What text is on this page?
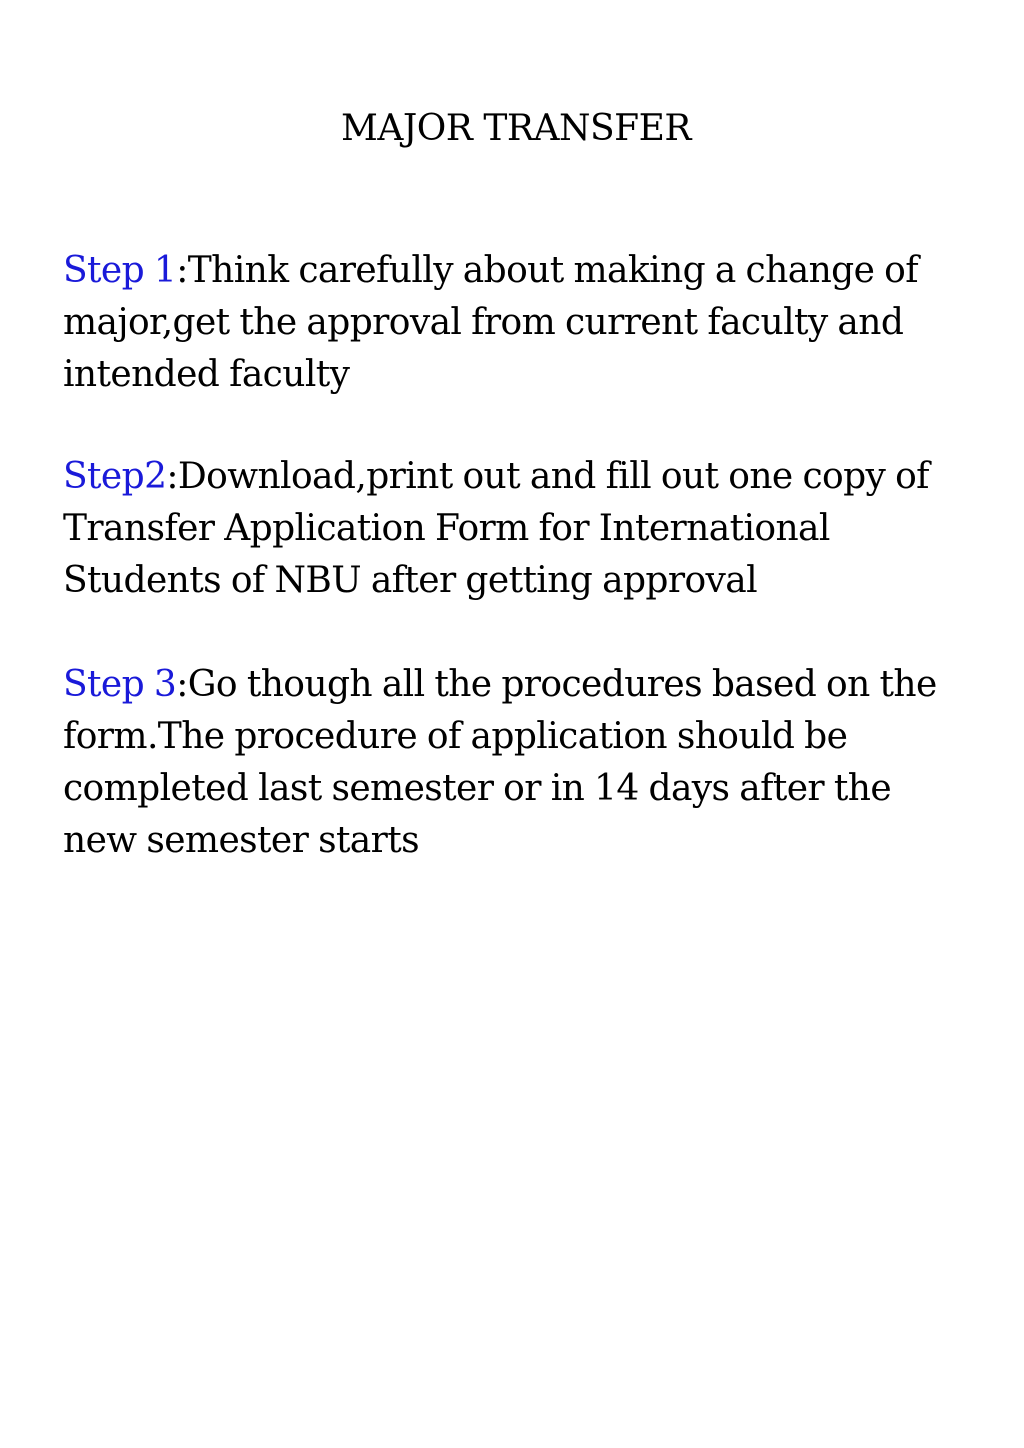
MAJOR TRANSFER
Step 1:Think carefully about making a change of major,get the approval from current faculty and intended faculty
Step2:Download,print out and fill out one copy of Transfer Application Form for International Students of NBU after getting approval
Step 3:Go though all the procedures based on the form.The procedure of application should be completed last semester or in 14 days after the new semester starts
